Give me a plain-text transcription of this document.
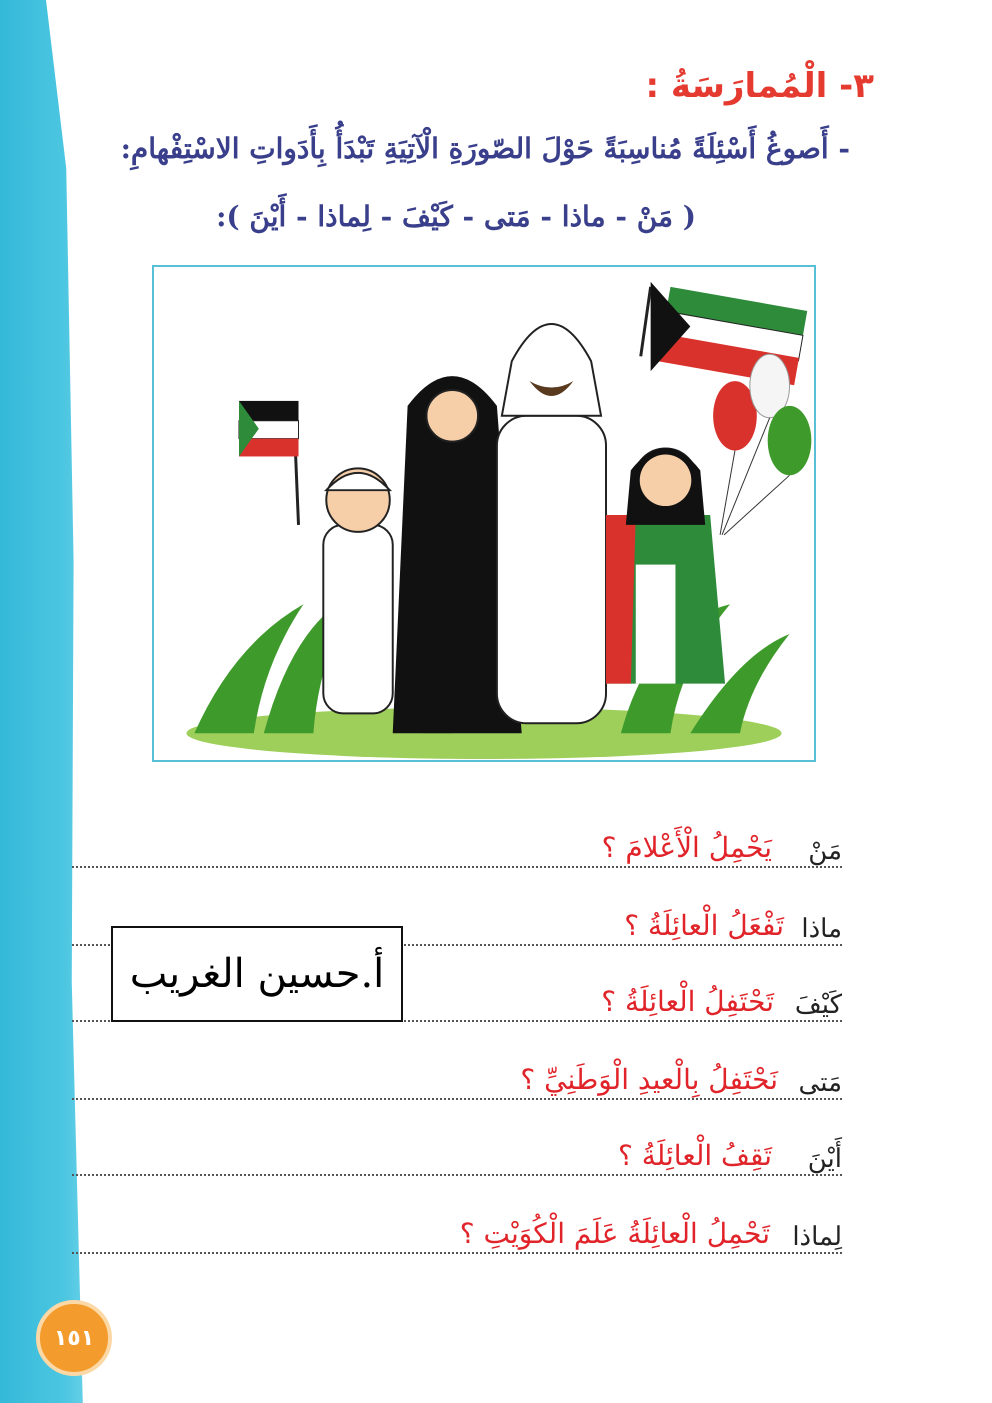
٣- الْمُمارَسَةُ :
- أَصوغُ أَسْئِلَةً مُناسِبَةً حَوْلَ الصّورَةِ الْآتِيَةِ تَبْدَأُ بِأَدَواتِ الاسْتِفْهامِ:
( مَنْ - ماذا - مَتى - كَيْفَ - لِماذا - أَيْنَ ):
مَنْ
يَحْمِلُ الْأَعْلامَ ؟
ماذا
تَفْعَلُ الْعائِلَةُ ؟
كَيْفَ
تَحْتَفِلُ الْعائِلَةُ ؟
مَتى
نَحْتَفِلُ بِالْعيدِ الْوَطَنِيِّ ؟
أَيْنَ
تَقِفُ الْعائِلَةُ ؟
لِماذا
تَحْمِلُ الْعائِلَةُ عَلَمَ الْكُوَيْتِ ؟
أ.حسين الغريب
١٥١
